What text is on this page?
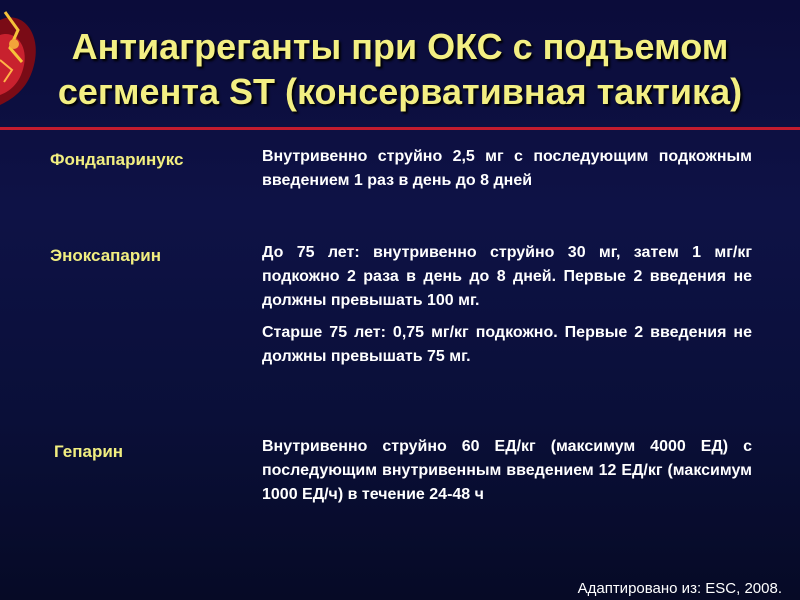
Антиагреганты при ОКС с подъемом
сегмента ST (консервативная тактика)
Фондапаринукс	Внутривенно струйно 2,5 мг с последующим подкожным введением 1 раз в день до 8 дней

Эноксапарин	До 75 лет: внутривенно струйно 30 мг, затем 1 мг/кг подкожно 2 раза в день до 8 дней. Первые 2 введения не должны превышать 100 мг.

Старше 75 лет: 0,75 мг/кг подкожно. Первые 2 введения не должны превышать 75 мг.

Гепарин	Внутривенно струйно 60 ЕД/кг (максимум 4000 ЕД) с последующим внутривенным введением 12 ЕД/кг (максимум 1000 ЕД/ч) в течение 24-48 ч

Адаптировано из: ESC, 2008.
